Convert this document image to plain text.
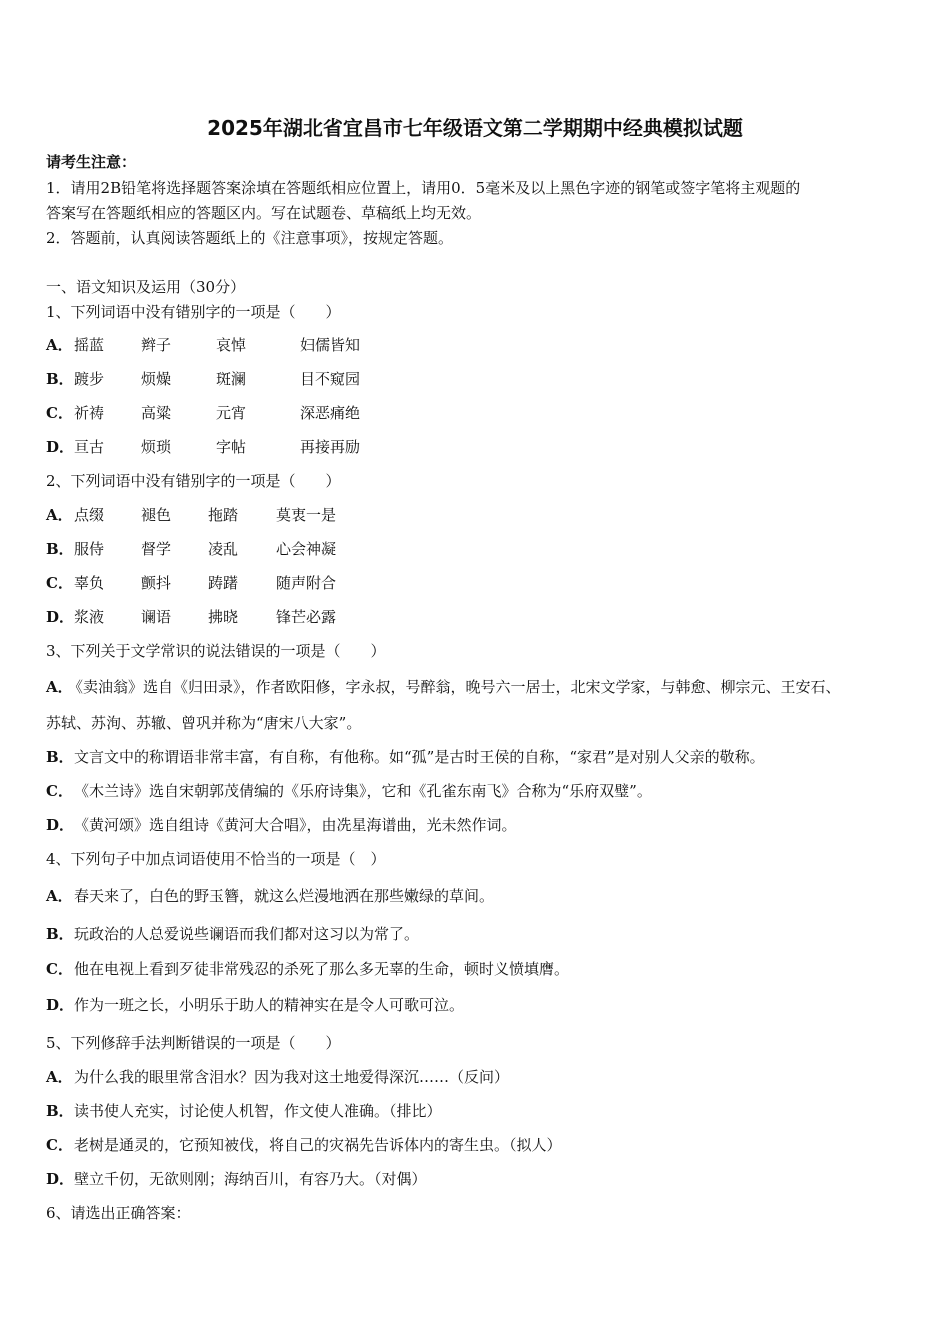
2025年湖北省宜昌市七年级语文第二学期期中经典模拟试题
请考生注意：
1．请用2B铅笔将选择题答案涂填在答题纸相应位置上，请用0．5毫米及以上黑色字迹的钢笔或签字笔将主观题的
答案写在答题纸相应的答题区内。写在试题卷、草稿纸上均无效。
2．答题前，认真阅读答题纸上的《注意事项》，按规定答题。
一、语文知识及运用（30分）
1、下列词语中没有错别字的一项是（　　）
A．摇蓝 辫子	哀悼	妇儒皆知
B．踱步 烦燥	斑澜	目不窥园
C．祈祷 高粱	元宵	深恶痛绝
D．亘古 烦琐	字帖	再接再励
2、下列词语中没有错别字的一项是（　　）
A．点缀 褪色 拖踏	莫衷一是
B．服侍 督学 凌乱	心会神凝
C．辜负 颤抖 踌躇	随声附合
D．浆液 谰语 拂晓	锋芒必露
3、下列关于文学常识的说法错误的一项是（　　）
A．《卖油翁》选自《归田录》，作者欧阳修，字永叔，号醉翁，晚号六一居士，北宋文学家，与韩愈、柳宗元、王安石、
苏轼、苏洵、苏辙、曾巩并称为“唐宋八大家”。
B．文言文中的称谓语非常丰富，有自称，有他称。如“孤”是古时王侯的自称，“家君”是对别人父亲的敬称。
C．《木兰诗》选自宋朝郭茂倩编的《乐府诗集》，它和《孔雀东南飞》合称为“乐府双璧”。
D．《黄河颂》选自组诗《黄河大合唱》，由冼星海谱曲，光未然作词。
4、下列句子中加点词语使用不恰当的一项是（　）
A．春天来了，白色的野玉簪，就这么烂漫地洒在那些嫩绿的草间。
B．玩政治的人总爱说些谰语而我们都对这习以为常了。
C．他在电视上看到歹徒非常残忍的杀死了那么多无辜的生命，顿时义愤填膺。
D．作为一班之长，小明乐于助人的精神实在是令人可歌可泣。
5、下列修辞手法判断错误的一项是（　　）
A．为什么我的眼里常含泪水？因为我对这土地爱得深沉……（反问）
B．读书使人充实，讨论使人机智，作文使人准确。（排比）
C．老树是通灵的，它预知被伐，将自己的灾祸先告诉体内的寄生虫。（拟人）
D．壁立千仞，无欲则刚；海纳百川，有容乃大。（对偶）
6、请选出正确答案：
